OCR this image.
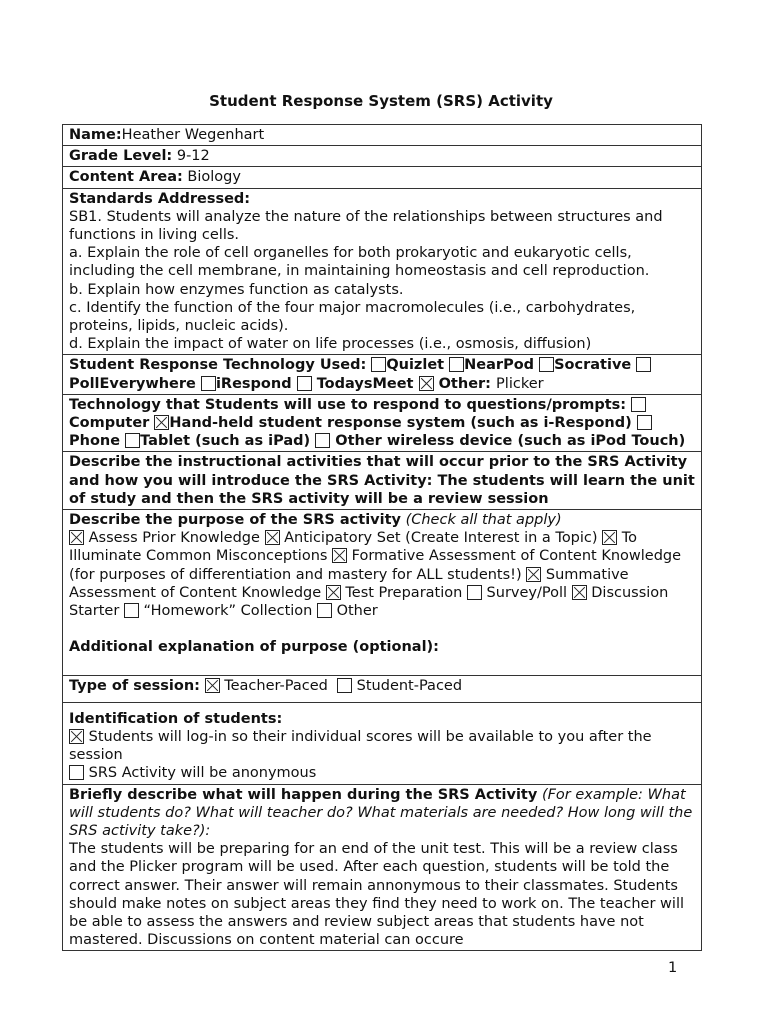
Student Response System (SRS) Activity
Name:Heather Wegenhart
Grade Level: 9-12
Content Area: Biology
Standards Addressed:
SB1. Students will analyze the nature of the relationships between structures and functions in living cells.
a. Explain the role of cell organelles for both prokaryotic and eukaryotic cells, including the cell membrane, in maintaining homeostasis and cell reproduction.
b. Explain how enzymes function as catalysts.
c. Identify the function of the four major macromolecules (i.e., carbohydrates, proteins, lipids, nucleic acids).
d. Explain the impact of water on life processes (i.e., osmosis, diffusion)
Student Response Technology Used: Quizlet NearPod Socrative  PollEverywhere iRespond TodaysMeet Other: Plicker
Technology that Students will use to respond to questions/prompts:  Computer Hand-held student response system (such as i-Respond)  Phone Tablet (such as iPad) Other wireless device (such as iPod Touch)
Describe the instructional activities that will occur prior to the SRS Activity and how you will introduce the SRS Activity: The students will learn the unit of study and then the SRS activity will be a review session
Describe the purpose of the SRS activity (Check all that apply)
Assess Prior Knowledge Anticipatory Set (Create Interest in a Topic) To Illuminate Common Misconceptions Formative Assessment of Content Knowledge (for purposes of differentiation and mastery for ALL students!) Summative Assessment of Content Knowledge Test Preparation Survey/Poll Discussion Starter “Homework” Collection Other
Additional explanation of purpose (optional):

Type of session: Teacher-Paced Student-Paced
Identification of students:
Students will log-in so their individual scores will be available to you after the session
SRS Activity will be anonymous
Briefly describe what will happen during the SRS Activity (For example: What will students do? What will teacher do? What materials are needed? How long will the SRS activity take?):
The students will be preparing for an end of the unit test. This will be a review class and the Plicker program will be used. After each question, students will be told the correct answer. Their answer will remain annonymous to their classmates. Students should make notes on subject areas they find they need to work on. The teacher will be able to assess the answers and review subject areas that students have not mastered. Discussions on content material can occure
1
